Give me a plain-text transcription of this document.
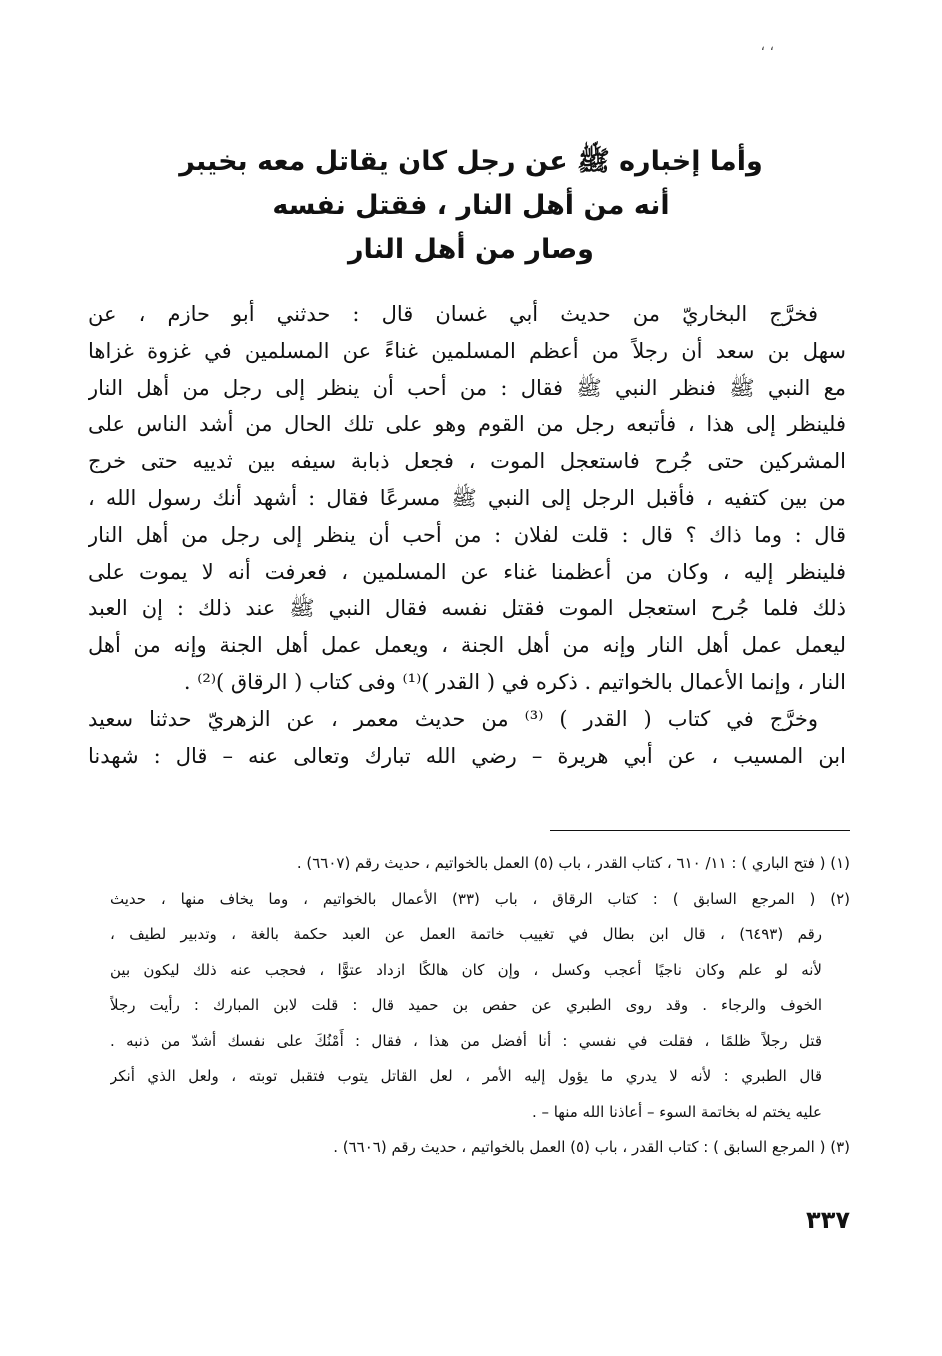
، ،
وأما إخباره ﷺ عن رجل كان يقاتل معه بخيبر
أنه من أهل النار ، فقتل نفسه
وصار من أهل النار
فخرَّج البخاريّ من حديث أبي غسان قال : حدثني أبو حازم ، عن
سهل بن سعد أن رجلاً من أعظم المسلمين غناءً عن المسلمين في غزوة غزاها
مع النبي ﷺ فنظر النبي ﷺ فقال : من أحب أن ينظر إلى رجل من أهل النار
فلينظر إلى هذا ، فأتبعه رجل من القوم وهو على تلك الحال من أشد الناس على
المشركين حتى جُرح فاستعجل الموت ، فجعل ذبابة سيفه بين ثدييه حتى خرج
من بين كتفيه ، فأقبل الرجل إلى النبي ﷺ مسرعًا فقال : أشهد أنك رسول الله ،
قال : وما ذاك ؟ قال : قلت لفلان : من أحب أن ينظر إلى رجل من أهل النار
فلينظر إليه ، وكان من أعظمنا غناء عن المسلمين ، فعرفت أنه لا يموت على
ذلك فلما جُرح استعجل الموت فقتل نفسه فقال النبي ﷺ عند ذلك : إن العبد
ليعمل عمل أهل النار وإنه من أهل الجنة ، ويعمل عمل أهل الجنة وإنه من أهل
النار ، وإنما الأعمال بالخواتيم . ذكره في ( القدر )⁽¹⁾ وفى كتاب ( الرقاق )⁽²⁾ .
وخرَّج في كتاب ( القدر ) ⁽³⁾ من حديث معمر ، عن الزهريّ حدثنا سعيد
ابن المسيب ، عن أبي هريرة – رضي الله تبارك وتعالى عنه – قال : شهدنا
(١) ( فتح الباري ) : ١١/ ٦١٠ ، كتاب القدر ، باب (٥) العمل بالخواتيم ، حديث رقم (٦٦٠٧) .
(٢) ( المرجع السابق ) : كتاب الرقاق ، باب (٣٣) الأعمال بالخواتيم ، وما يخاف منها ، حديث
رقم (٦٤٩٣) ، قال ابن بطال في تغييب خاتمة العمل عن العبد حكمة بالغة ، وتدبير لطيف ،
لأنه لو علم وكان ناجيًا أعجب وكسل ، وإن كان هالكًا ازداد عتوًّا ، فحجب عنه ذلك ليكون بين
الخوف والرجاء . وقد روى الطبري عن حفص بن حميد قال : قلت لابن المبارك : رأيت رجلاً
قتل رجلاً ظلمًا ، فقلت في نفسي : أنا أفضل من هذا ، فقال : أَمْنُكَ على نفسك أشدّ من ذنبه .
قال الطبري : لأنه لا يدري ما يؤول إليه الأمر ، لعل القاتل يتوب فتقبل توبته ، ولعل الذي أنكر
عليه يختم له بخاتمة السوء – أعاذنا الله منها – .
(٣) ( المرجع السابق ) : كتاب القدر ، باب (٥) العمل بالخواتيم ، حديث رقم (٦٦٠٦) .
٣٣٧
